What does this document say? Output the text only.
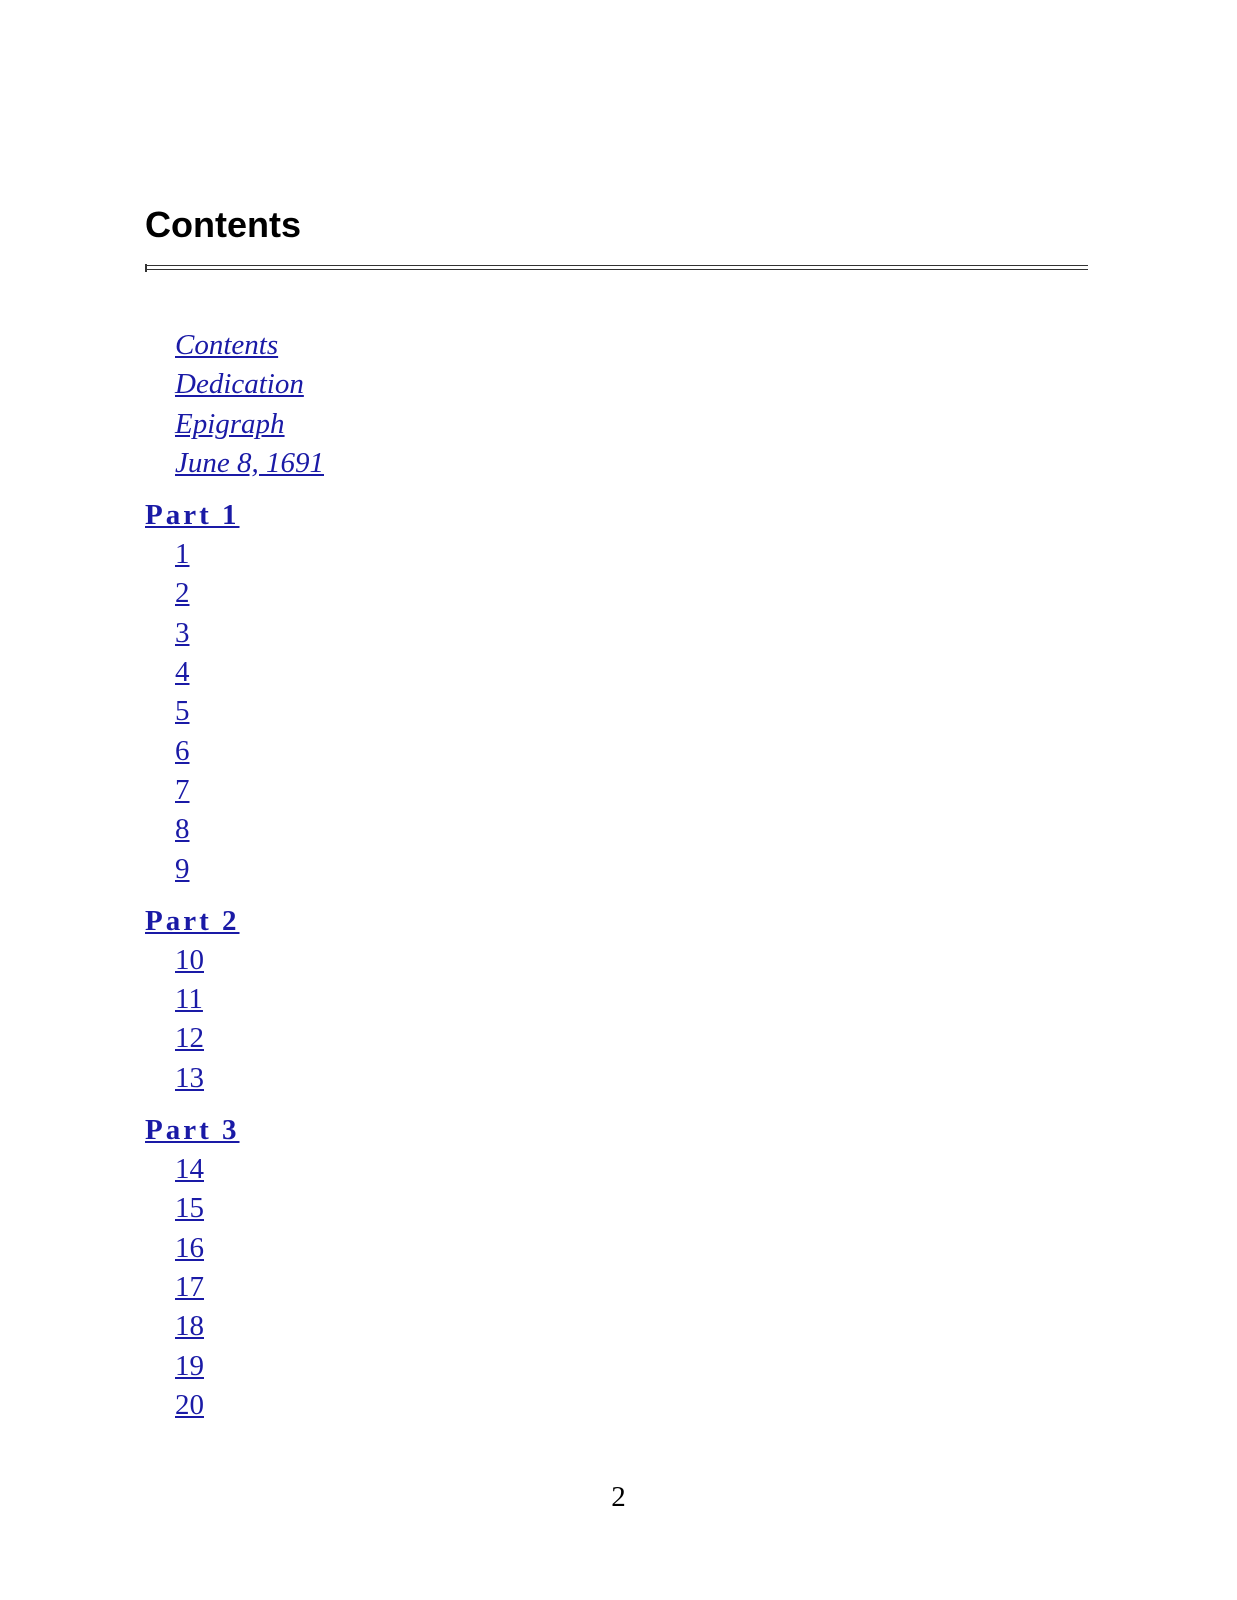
Contents
Contents
Dedication
Epigraph
June 8, 1691
Part 1
1
2
3
4
5
6
7
8
9
Part 2
10
11
12
13
Part 3
14
15
16
17
18
19
20
2
